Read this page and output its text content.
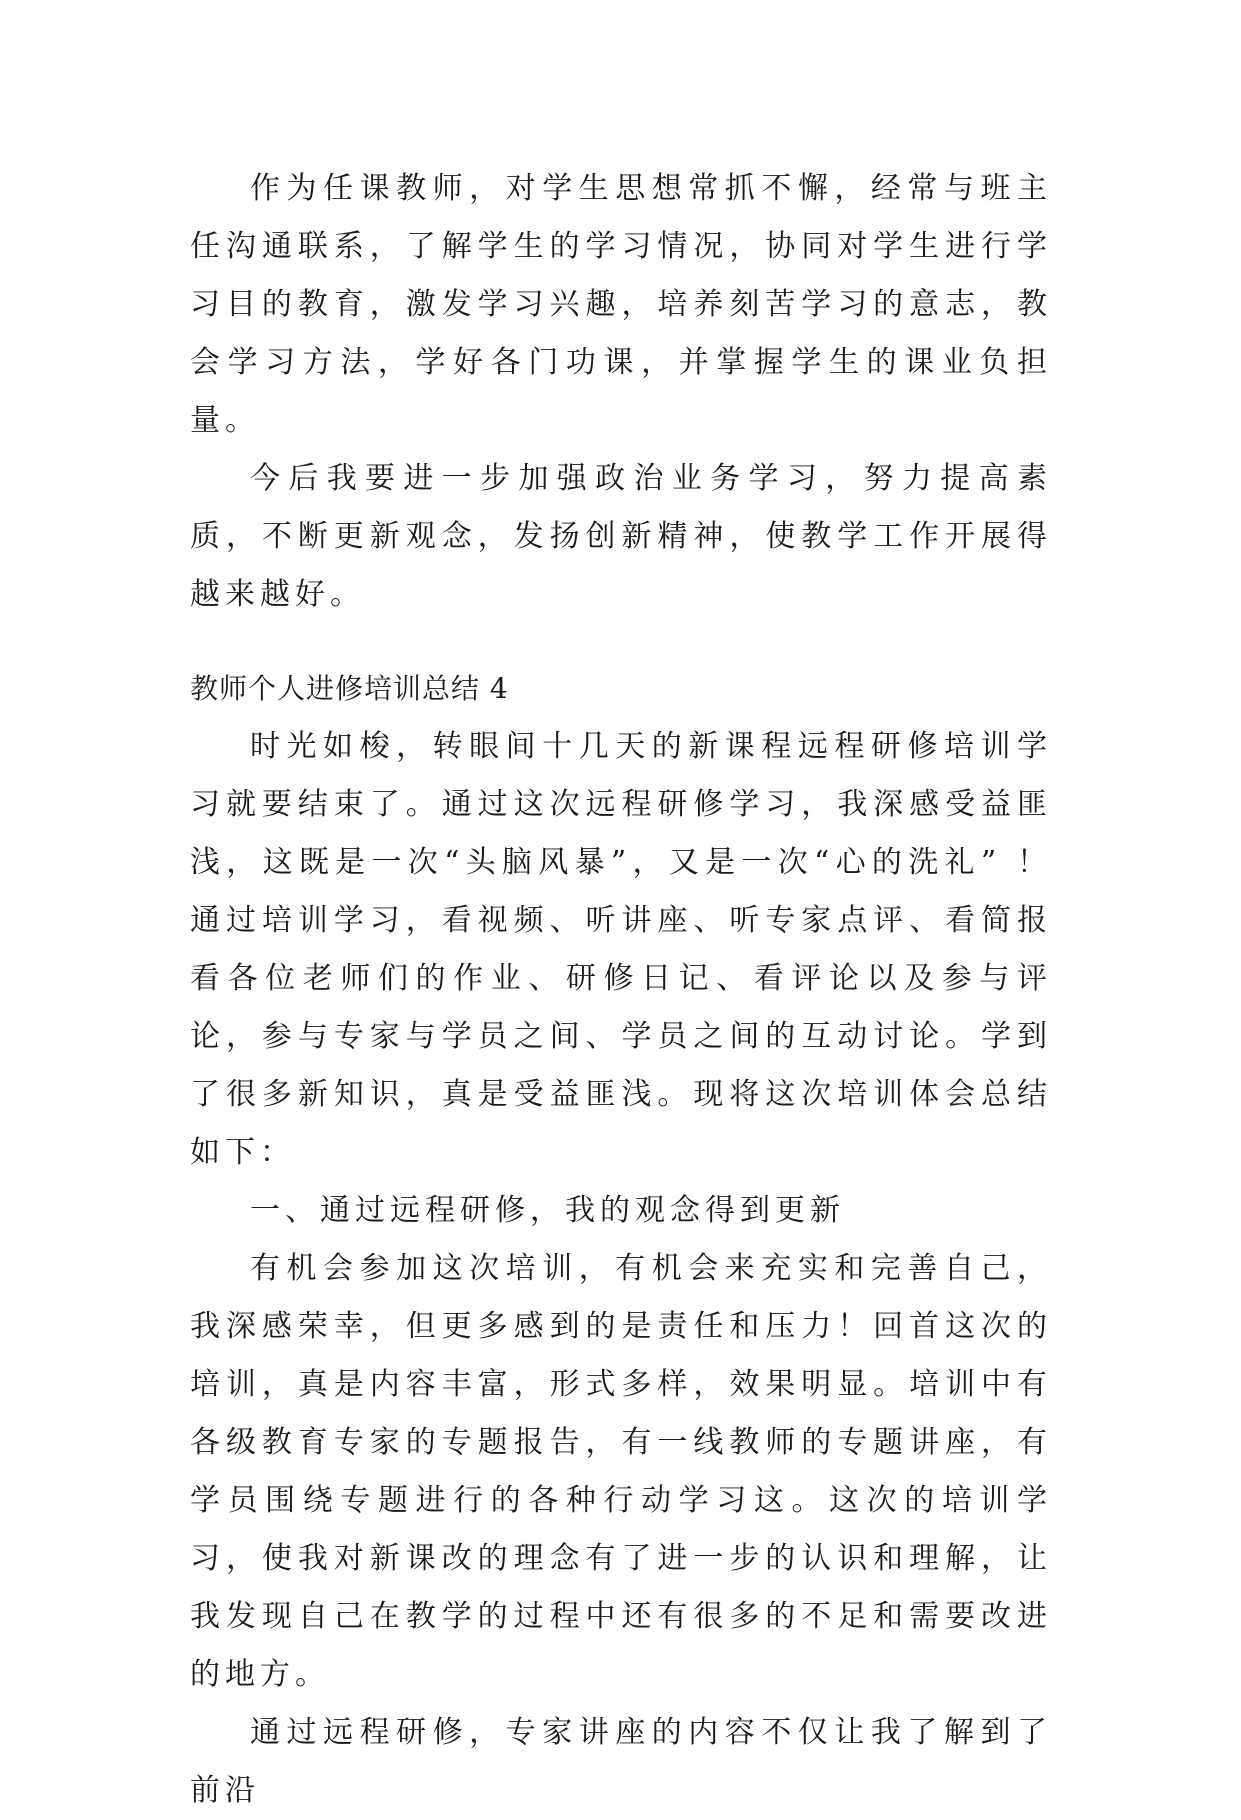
作为任课教师，对学生思想常抓不懈，经常与班主任沟通联系，了解学生的学习情况，协同对学生进行学习目的教育，激发学习兴趣，培养刻苦学习的意志，教会学习方法，学好各门功课，并掌握学生的课业负担量。

今后我要进一步加强政治业务学习，努力提高素质，不断更新观念，发扬创新精神，使教学工作开展得越来越好。

教师个人进修培训总结 4

时光如梭，转眼间十几天的新课程远程研修培训学习就要结束了。通过这次远程研修学习，我深感受益匪浅，这既是一次“头脑风暴”，又是一次“心的洗礼” ！通过培训学习，看视频、听讲座、听专家点评、看简报看各位老师们的作业、研修日记、看评论以及参与评论，参与专家与学员之间、学员之间的互动讨论。学到了很多新知识，真是受益匪浅。现将这次培训体会总结如下：

一、通过远程研修，我的观念得到更新

有机会参加这次培训，有机会来充实和完善自己，我深感荣幸，但更多感到的是责任和压力！回首这次的培训，真是内容丰富，形式多样，效果明显。培训中有各级教育专家的专题报告，有一线教师的专题讲座，有学员围绕专题进行的各种行动学习这。这次的培训学习，使我对新课改的理念有了进一步的认识和理解，让我发现自己在教学的过程中还有很多的不足和需要改进的地方。

通过远程研修，专家讲座的内容不仅让我了解到了前沿
